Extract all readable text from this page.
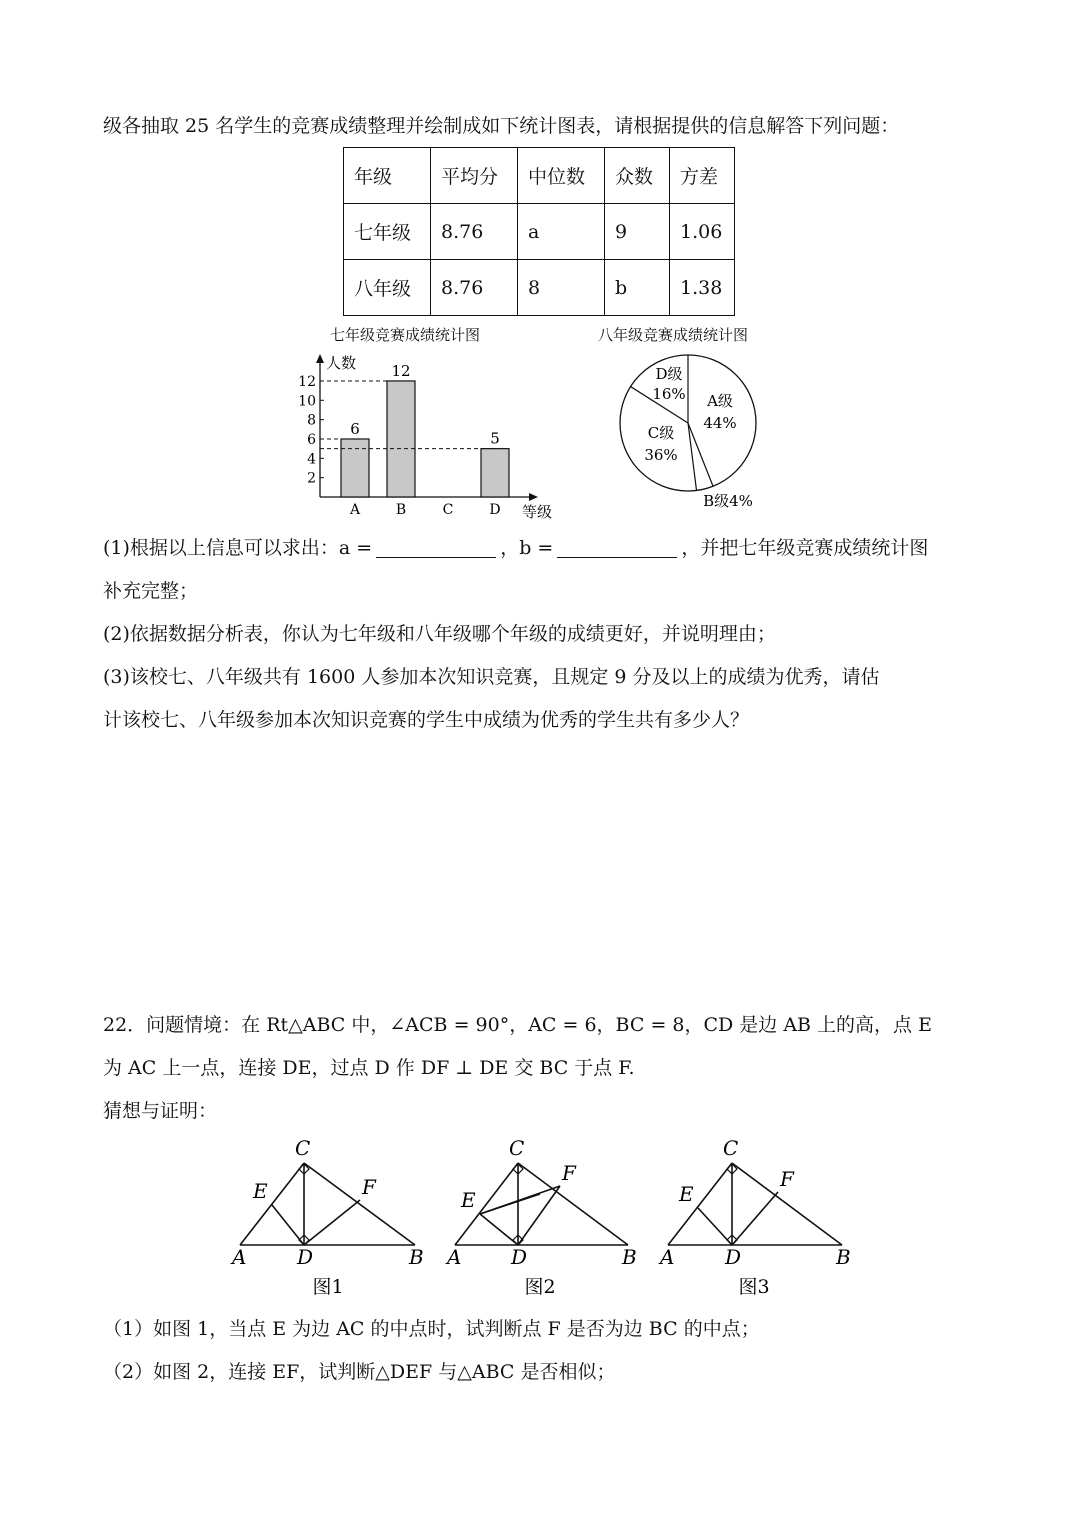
级各抽取 25 名学生的竞赛成绩整理并绘制成如下统计图表，请根据提供的信息解答下列问题：
年级	平均分	中位数	众数	方差
七年级	8.76	a	9	1.06
八年级	8.76	8	b	1.38
七年级竞赛成绩统计图	八年级竞赛成绩统计图
人数
等级
2
4
6
8
10
12
A	B	C	D
6
12
5
A级
44%
B级4%
C级
36%
D级
16%
(1)根据以上信息可以求出：a =	，b =	，并把七年级竞赛成绩统计图
补充完整；
(2)依据数据分析表，你认为七年级和八年级哪个年级的成绩更好，并说明理由；
(3)该校七、八年级共有 1600 人参加本次知识竞赛，且规定 9 分及以上的成绩为优秀，请估
计该校七、八年级参加本次知识竞赛的学生中成绩为优秀的学生共有多少人？
22．问题情境：在 Rt△ABC 中，∠ACB = 90°，AC = 6，BC = 8，CD 是边 AB 上的高，点 E
为 AC 上一点，连接 DE，过点 D 作 DF ⊥ DE 交 BC 于点 F.
猜想与证明：
A	B
C
D
E	F
图1
A	B
C
D
E
F
图2
A	B
C
D
E
F
图3
（1）如图 1，当点 E 为边 AC 的中点时，试判断点 F 是否为边 BC 的中点；
（2）如图 2，连接 EF，试判断△DEF 与△ABC 是否相似；
